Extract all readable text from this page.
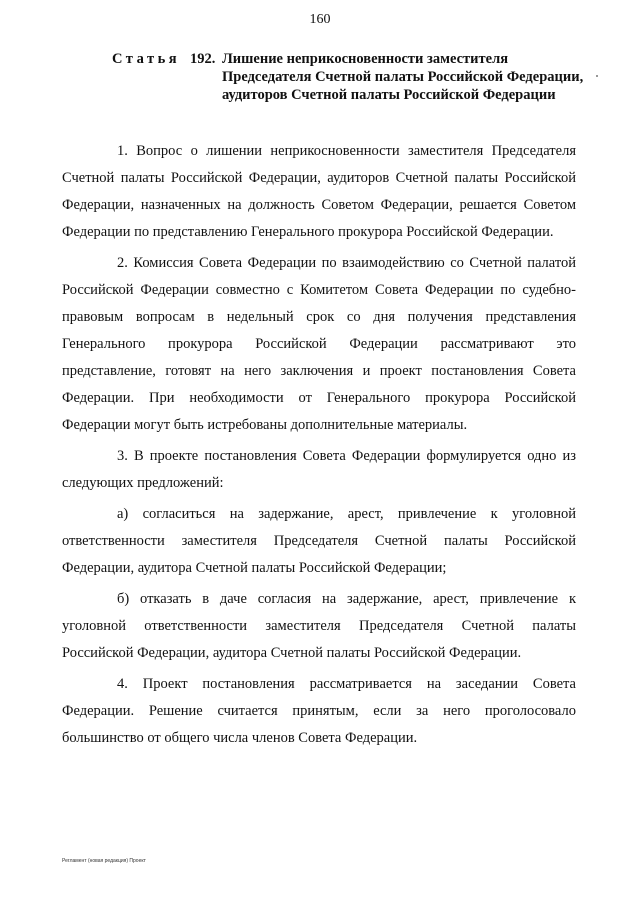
160
Статья 192. Лишение неприкосновенности заместителя Председателя Счетной палаты Российской Федерации, аудиторов Счетной палаты Российской Федерации

1. Вопрос о лишении неприкосновенности заместителя Председателя Счетной палаты Российской Федерации, аудиторов Счетной палаты Российской Федерации, назначенных на должность Советом Федерации, решается Советом Федерации по представлению Генерального прокурора Российской Федерации.

2. Комиссия Совета Федерации по взаимодействию со Счетной палатой Российской Федерации совместно с Комитетом Совета Федерации по судебно-правовым вопросам в недельный срок со дня получения представления Генерального прокурора Российской Федерации рассматривают это представление, готовят на него заключения и проект постановления Совета Федерации. При необходимости от Генерального прокурора Российской Федерации могут быть истребованы дополнительные материалы.

3. В проекте постановления Совета Федерации формулируется одно из следующих предложений:

а) согласиться на задержание, арест, привлечение к уголовной ответственности заместителя Председателя Счетной палаты Российской Федерации, аудитора Счетной палаты Российской Федерации;

б) отказать в даче согласия на задержание, арест, привлечение к уголовной ответственности заместителя Председателя Счетной палаты Российской Федерации, аудитора Счетной палаты Российской Федерации.

4. Проект постановления рассматривается на заседании Совета Федерации. Решение считается принятым, если за него проголосовало большинство от общего числа членов Совета Федерации.

Регламент (новая редакция) Проект
